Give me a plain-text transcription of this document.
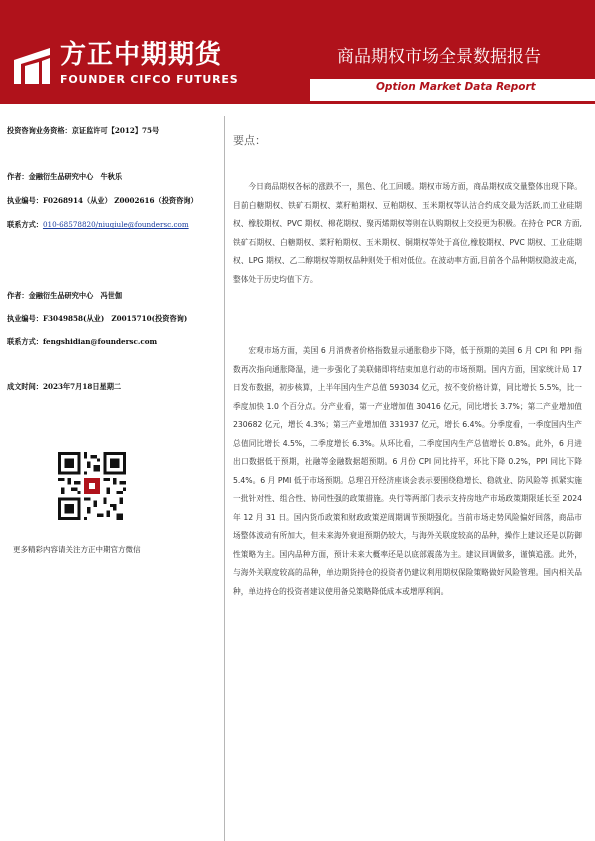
方正中期期货
FOUNDER CIFCO FUTURES
商品期权市场全景数据报告
Option Market Data Report
投资咨询业务资格：京证监许可【2012】75号
作者：金融衍生品研究中心　牛秋乐
执业编号：F0268914（从业） Z0002616（投资咨询）
联系方式：010-68578820/niuqiule@foundersc.com
作者：金融衍生品研究中心　冯世伽
执业编号：F3049858(从业)　Z0015710(投资咨询)
联系方式：fengshidian@foundersc.com
成文时间：2023年7月18日星期二
更多精彩内容请关注方正中期官方微信
要点：
今日商品期权各标的涨跌不一，黑色、化工回暖。期权市场方面，商品期权成交量整体出现下降。目前白糖期权、铁矿石期权、菜籽粕期权、豆粕期权、玉米期权等认沽合约成交最为活跃,而工业硅期权、橡胶期权、PVC 期权、棉花期权、聚丙烯期权等则在认购期权上交投更为积极。在持仓 PCR 方面,铁矿石期权、白糖期权、菜籽粕期权、玉米期权、铜期权等处于高位,橡胶期权、PVC 期权、工业硅期权、LPG 期权、乙二醇期权等期权品种则处于相对低位。在波动率方面,目前各个品种期权隐波走高，整体处于历史均值下方。
宏观市场方面，美国 6 月消费者价格指数显示通胀稳步下降，低于预期的美国 6 月 CPI 和 PPI 指数再次指向通胀降温，进一步强化了美联储即将结束加息行动的市场预期。国内方面，国家统计局 17 日发布数据，初步核算，上半年国内生产总值 593034 亿元，按不变价格计算，同比增长 5.5%，比一季度加快 1.0 个百分点。分产业看，第一产业增加值 30416 亿元，同比增长 3.7%；第二产业增加值 230682 亿元，增长 4.3%；第三产业增加值 331937 亿元，增长 6.4%。分季度看，一季度国内生产总值同比增长 4.5%，二季度增长 6.3%。从环比看，二季度国内生产总值增长 0.8%。此外，6 月进出口数据低于预期，社融等金融数据超预期。6 月份 CPI 同比持平，环比下降 0.2%，PPI 同比下降 5.4%。6 月 PMI 低于市场预期。总理召开经济座谈会表示要围绕稳增长、稳就业、防风险等 抓紧实施一批针对性、组合性、协同性强的政策措施。央行等两部门表示支持房地产市场政策期限延长至 2024 年 12 月 31 日。国内货币政策和财政政策逆周期调节预期强化。当前市场走势风险偏好回落，商品市场整体波动有所加大，但未来海外衰退预期仍较大，与海外关联度较高的品种，操作上建议还是以防御性策略为主。国内品种方面，预计未来大概率还是以底部震荡为主。建议回调做多，谨慎追涨。此外，与海外关联度较高的品种，单边期货持仓的投资者仍建议利用期权保险策略做好风险管理。国内相关品种，单边持仓的投资者建议使用备兑策略降低成本或增厚利润。
